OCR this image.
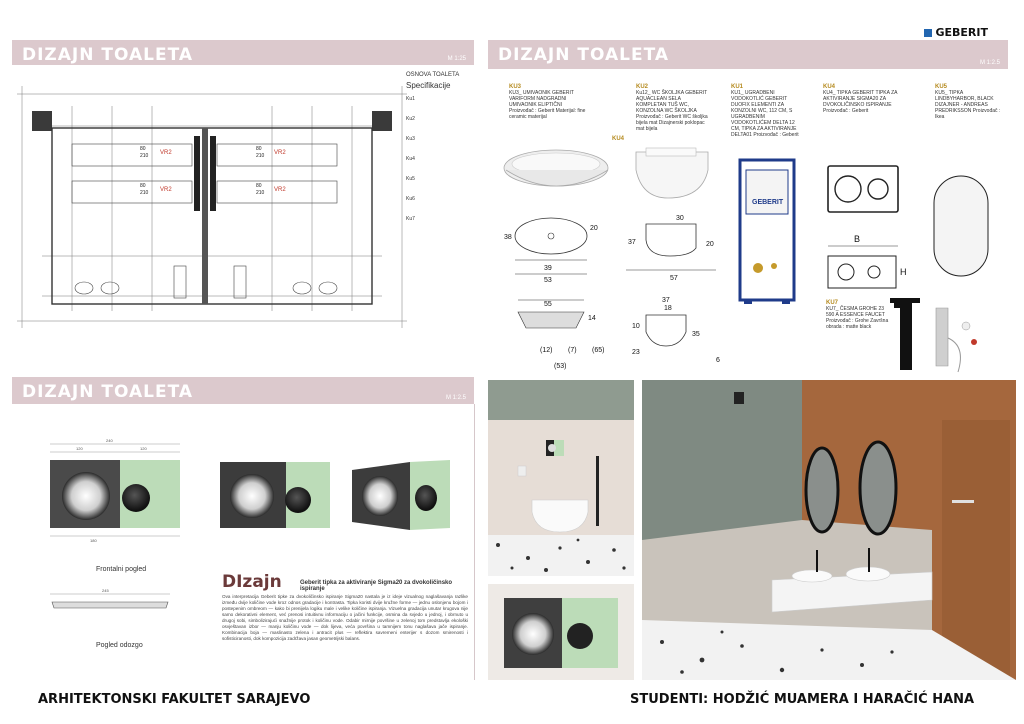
GEBERIT
DIZAJN TOALETA	M 1:25
VR2
VR2
VR2
VR2
80
210
80
210
80
210
80
210
OSNOVA TOALETA
Specifikacije
Ku1
Ku2
Ku3
Ku4
Ku5
Ku6
Ku7
DIZAJN TOALETA	M 1:2.5
KU3
KU3_ UMIVAONIK GEBERIT VARIFORM NADGRADNI UMIVAONIK ELIPTIČNI Proizvođač : Geberit Materijal: fine ceramic materijal
KU2
Ku12_ WC ŠKOLJKA GEBERIT AQUACLEAN SELA KOMPLETAN TUŠ WC, KONZOLNA WC ŠKOLJKA Proizvođač : Geberit WC školjka bijela mat Dizajnerski poklopac mat bijela
KU1
KU1_ UGRADBENI VODOKOTLIĆ GEBERIT DUOFIX ELEMENTI ZA KONZOLNI WC, 112 CM, S UGRADBENIM VODOKOTLIĆEM DELTA 12 CM, TIPKA ZA AKTIVIRANJE DELTA01 Proizvođač : Geberit
KU4
KU4_ TIPKA GEBERIT TIPKA ZA AKTIVIRANJE SIGMA20 ZA DVOKOLIČINSKO ISPIRANJE Proizvođač : Geberit
KU5
KU5_ TIPKA LINDBYHARBOR, BLACK DIZAJNER - ANDREAS PREDRIKSSON Proizvođač : Ikea
KU4
38
20
39
53
55
14
(12) (7) (65)
(53)
30
37	20
57
37
18
10
35
23
6
GEBERIT
B
H
KU7
KU7_ ČESMA GROHE 23 590 A ESSENCE FAUCET Proizvođač : Grohe Završna obrada : matte black
DIZAJN TOALETA	M 1:2.5
240
120	120
180
245
Frontalni pogled
Pogled odozgo
DIzajn	Geberit tipka za aktiviranje Sigma20 za dvokoličinsko ispiranje
Ova interpretacija Geberit tipke za dvokoličinsko ispiranje Sigma20 nastala je iz ideje vizualnog naglašavanja razlike između dvije količine vode kroz odnos gradacije i kontrasta. Tipka koristi dvije kružne forme — jednu oslonjenu bojom i postepenim ombreom — kako bi prenijela logiku male i velike količine ispiranja. Vizuelna gradacija unutar krugova nije samo dekorativni element, već prenosi intuitivnu informaciju o jačini funkcije, osmina da svjedo u jednoj, i obrnuto u drugoj sobi, simbolizirajući snažnije protok i količinu vode. Odabir mirnije površine u zelenoj tom predstavlja ekološki osvještavan izbor — manju količinu vode — dok lijeva, veća površina u tamnijem tonu naglašava jače ispiranje. Kombinacija boja — maslinasto zelena i antracit plus — reflektira savremeni enterijer s dozom smirenosti i sofisticiranosti, dok kompozicija zadržava jasan geometrijski balans.
ARHITEKTONSKI FAKULTET SARAJEVO	STUDENTI: HODŽIĆ MUAMERA I HARAČIĆ HANA
